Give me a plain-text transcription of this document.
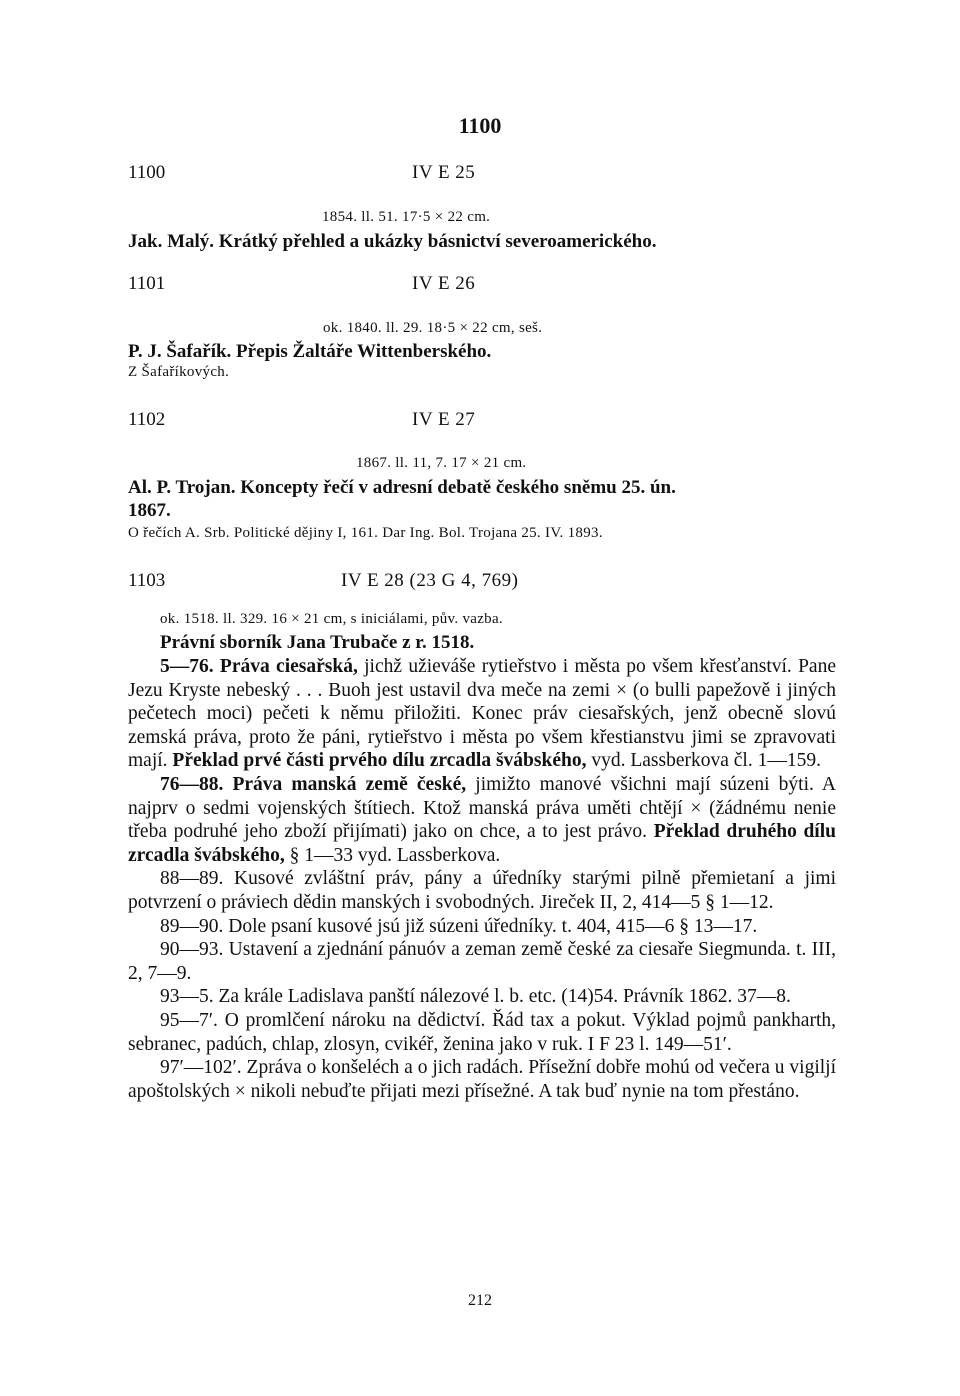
1100
1100	IV E 25
1854. ll. 51. 17·5 × 22 cm.
Jak. Malý. Krátký přehled a ukázky básnictví severoamerického.
1101	IV E 26
ok. 1840. ll. 29. 18·5 × 22 cm, seš.
P. J. Šafařík. Přepis Žaltáře Wittenberského.
Z Šafaříkových.
1102	IV E 27
1867. ll. 11, 7. 17 × 21 cm.
Al. P. Trojan. Koncepty řečí v adresní debatě českého sněmu 25. ún.
1867.
O řečích A. Srb. Politické dějiny I, 161. Dar Ing. Bol. Trojana 25. IV. 1893.
1103	IV E 28 (23 G 4, 769)
ok. 1518. ll. 329. 16 × 21 cm, s iniciálami, pův. vazba.
Právní sborník Jana Trubače z r. 1518.

5—76. Práva ciesařská, jichž užieváše rytieřstvo i města po všem křesťanství. Pane Jezu Kryste nebeský . . . Buoh jest ustavil dva meče na zemi × (o bulli papežově i jiných pečetech moci) pečeti k němu přiložiti. Konec práv ciesařských, jenž obecně slovú zemská práva, proto že páni, rytieřstvo i města po všem křestianstvu jimi se zpravovati mají. Překlad prvé části prvého dílu zrcadla švábského, vyd. Lassberkova čl. 1—159.

76—88. Práva manská země české, jimižto manové všichni mají súzeni býti. A najprv o sedmi vojenských štítiech. Ktož manská práva uměti chtějí × (žádnému nenie třeba podruhé jeho zboží přijímati) jako on chce, a to jest právo. Překlad druhého dílu zrcadla švábského, § 1—33 vyd. Lassberkova.

88—89. Kusové zvláštní práv, pány a úředníky starými pilně přemietaní a jimi potvrzení o práviech dědin manských i svobodných. Jireček II, 2, 414—5 § 1—12.

89—90. Dole psaní kusové jsú již súzeni úředníky. t. 404, 415—6 § 13—17.

90—93. Ustavení a zjednání pánuóv a zeman země české za ciesaře Siegmunda. t. III, 2, 7—9.

93—5. Za krále Ladislava panští nálezové l. b. etc. (14)54. Právník 1862. 37—8.

95—7′. O promlčení nároku na dědictví. Řád tax a pokut. Výklad pojmů pankharth, sebranec, padúch, chlap, zlosyn, cvikéř, ženina jako v ruk. I F 23 l. 149—51′.

97′—102′. Zpráva o konšeléch a o jich radách. Přísežní dobře mohú od večera u vigiljí apoštolských × nikoli nebuďte přijati mezi přísežné. A tak buď nynie na tom přestáno.

212
